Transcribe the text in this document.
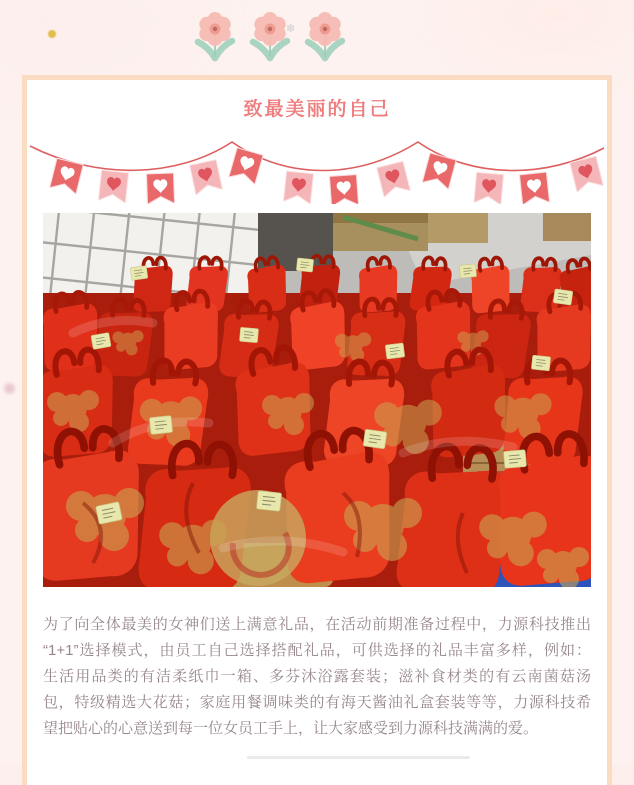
✽
致最美丽的自己
为了向全体最美的女神们送上满意礼品，在活动前期准备过程中，力源科技推出
“1+1”选择模式，由员工自己选择搭配礼品，可供选择的礼品丰富多样，例如：
生活用品类的有洁柔纸巾一箱、多芬沐浴露套装；滋补食材类的有云南菌菇汤
包，特级精选大花菇；家庭用餐调味类的有海天酱油礼盒套装等等，力源科技希
望把贴心的心意送到每一位女员工手上，让大家感受到力源科技满满的爱。
